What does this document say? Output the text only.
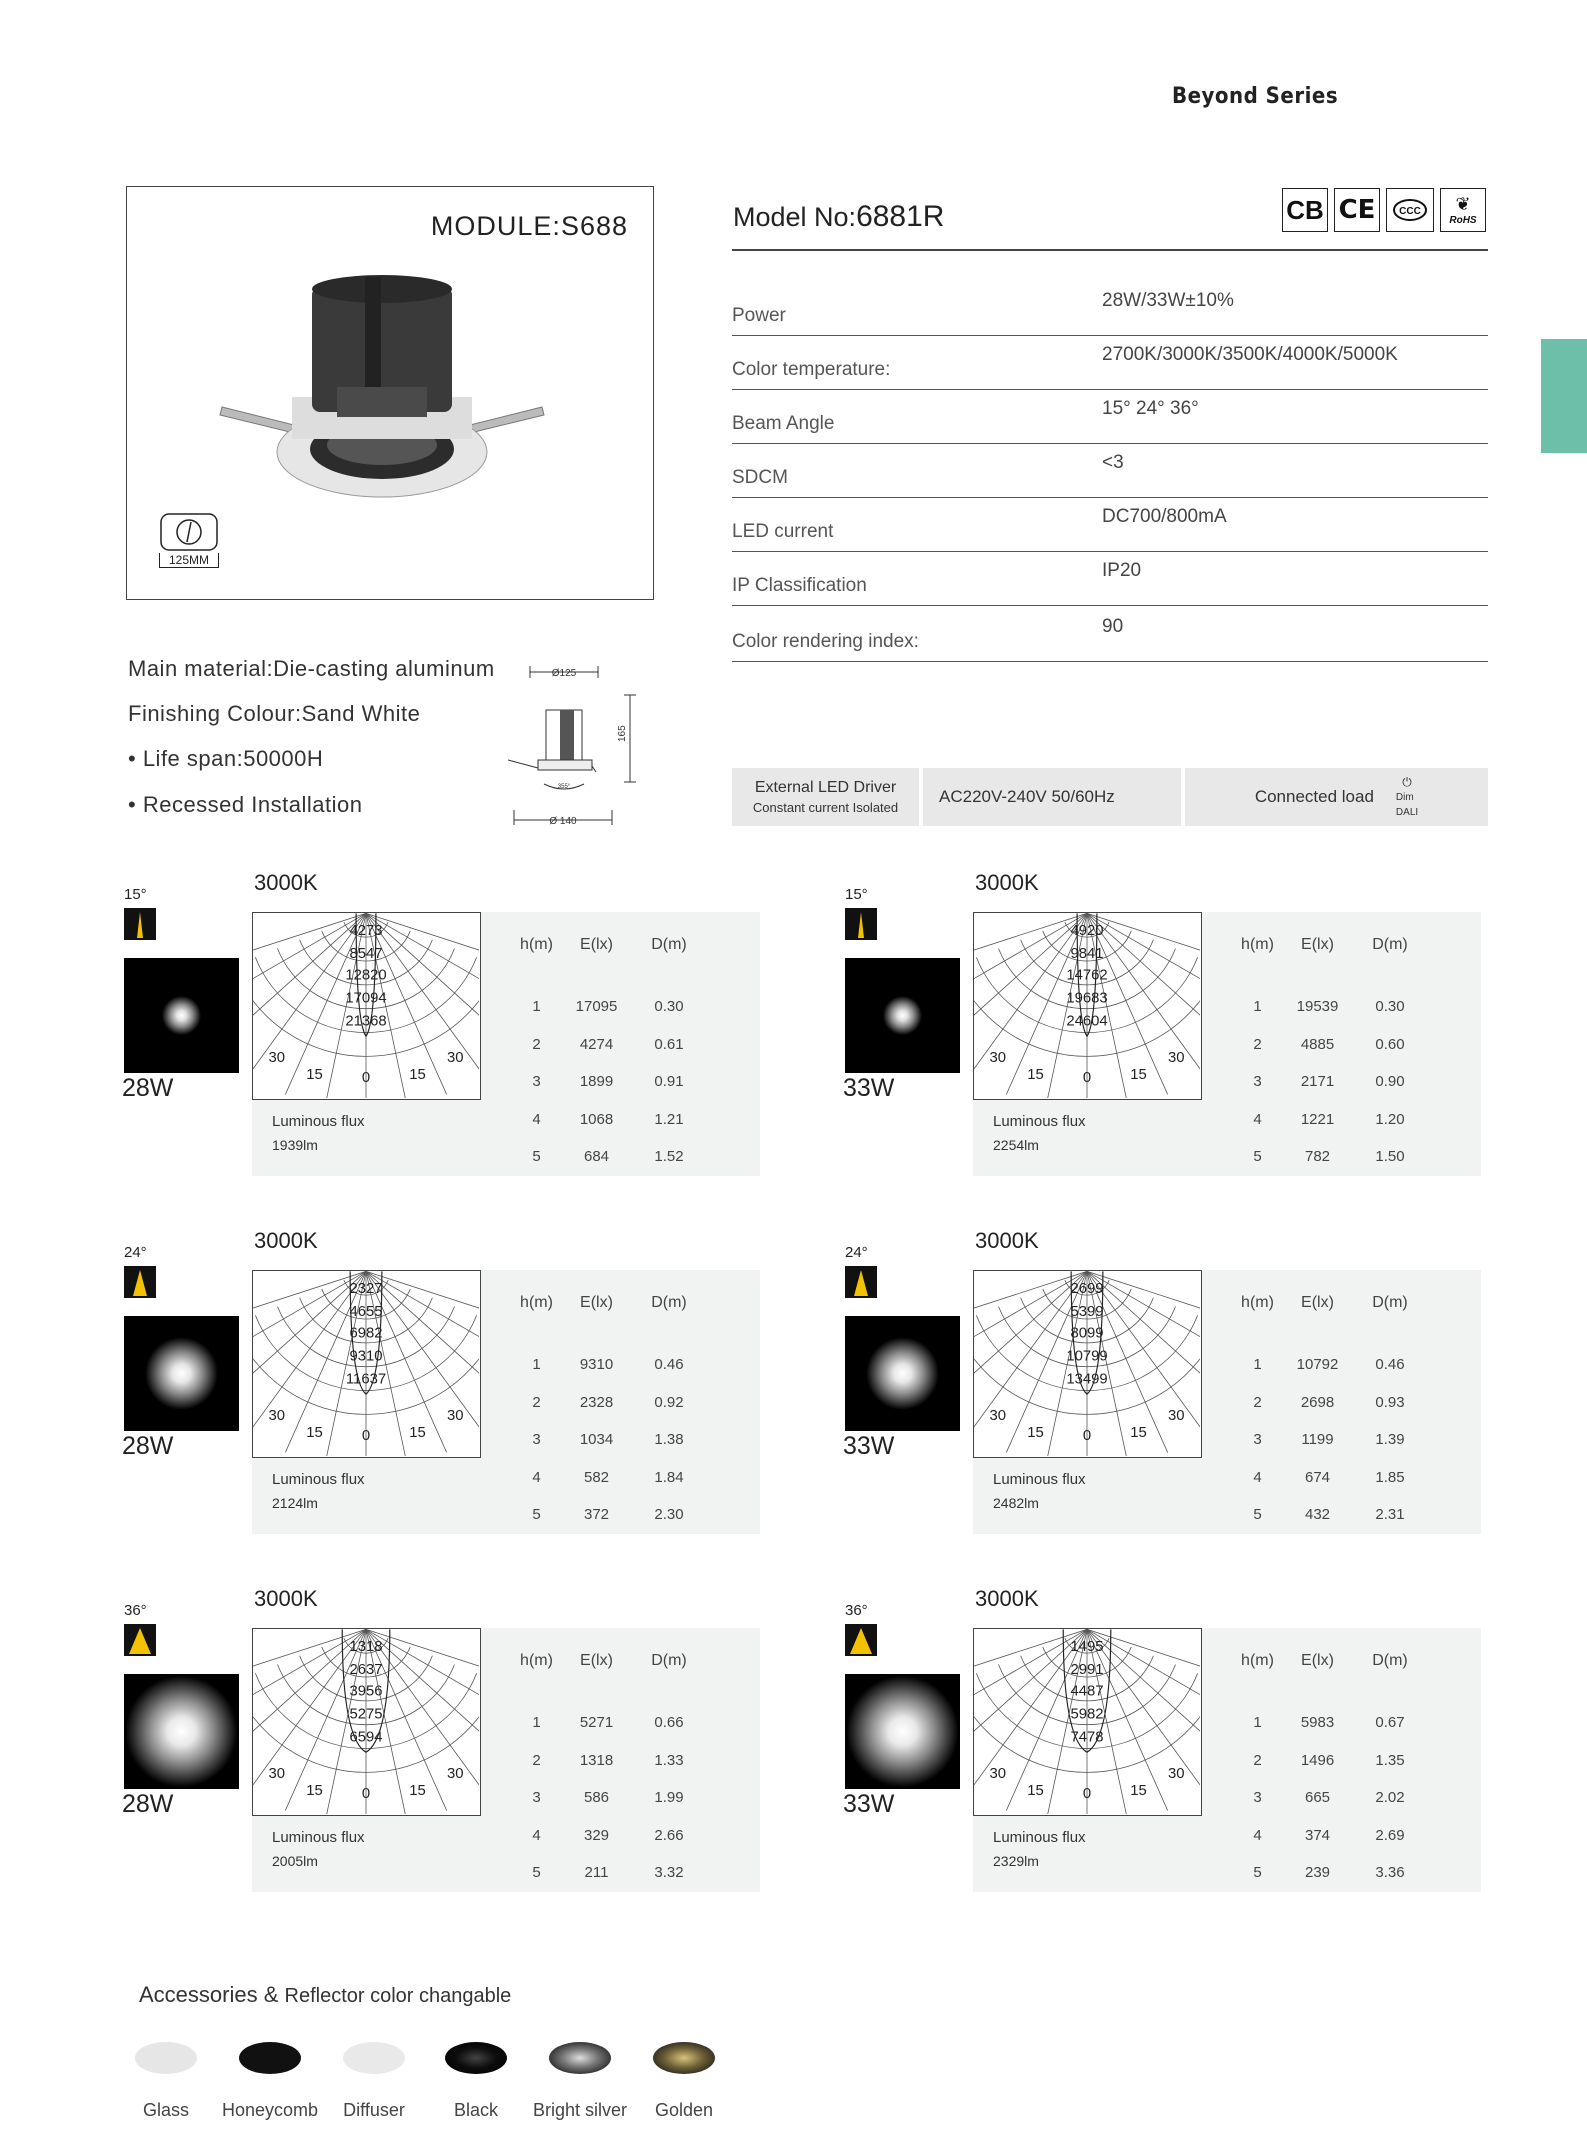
Beyond Series
MODULE:S688
125MM
Model No:6881R	CB CE	CCC ❦
RoHS
Power
28W/33W±10%
Color temperature:
2700K/3000K/3500K/4000K/5000K
Beam Angle
15° 24° 36°
SDCM
<3
LED current
DC700/800mA
IP Classification
IP20
Color rendering index:
90
Main material:Die-casting aluminum
Finishing Colour:Sand White
• Life span:50000H
• Recessed Installation
Ø125
165
355°
Ø 140
External LED Driver
Constant current Isolated
AC220V-240V 50/60Hz	Connected load
⏻
Dim
DALI
3000K
15°
28W
4273
8547
12820
17094
21368
30
15	0	15
30
Luminous flux
1939lm
h(m)	E(lx)	D(m)
1	17095	0.30
2	4274	0.61
3	1899	0.91
4	1068	1.21
5	684	1.52
3000K
15°
33W
4920
9841
14762
19683
24604
30
15	0	15
30
Luminous flux
2254lm
h(m)	E(lx)	D(m)
1	19539	0.30
2	4885	0.60
3	2171	0.90
4	1221	1.20
5	782	1.50
3000K
24°
28W
2327
4655
6982
9310
11637
30
15	0	15
30
Luminous flux
2124lm
h(m)	E(lx)	D(m)
1	9310	0.46
2	2328	0.92
3	1034	1.38
4	582	1.84
5	372	2.30
3000K
24°
33W
2699
5399
8099
10799
13499
30
15	0	15
30
Luminous flux
2482lm
h(m)	E(lx)	D(m)
1	10792	0.46
2	2698	0.93
3	1199	1.39
4	674	1.85
5	432	2.31
3000K
36°
28W
1318
2637
3956
5275
6594
30
15	0	15
30
Luminous flux
2005lm
h(m)	E(lx)	D(m)
1	5271	0.66
2	1318	1.33
3	586	1.99
4	329	2.66
5	211	3.32
3000K
36°
33W
1495
2991
4487
5982
7478
30
15	0	15
30
Luminous flux
2329lm
h(m)	E(lx)	D(m)
1	5983	0.67
2	1496	1.35
3	665	2.02
4	374	2.69
5	239	3.36
Accessories & Reflector color changable
Glass	Honeycomb	Diffuser	Black	Bright silver	Golden
